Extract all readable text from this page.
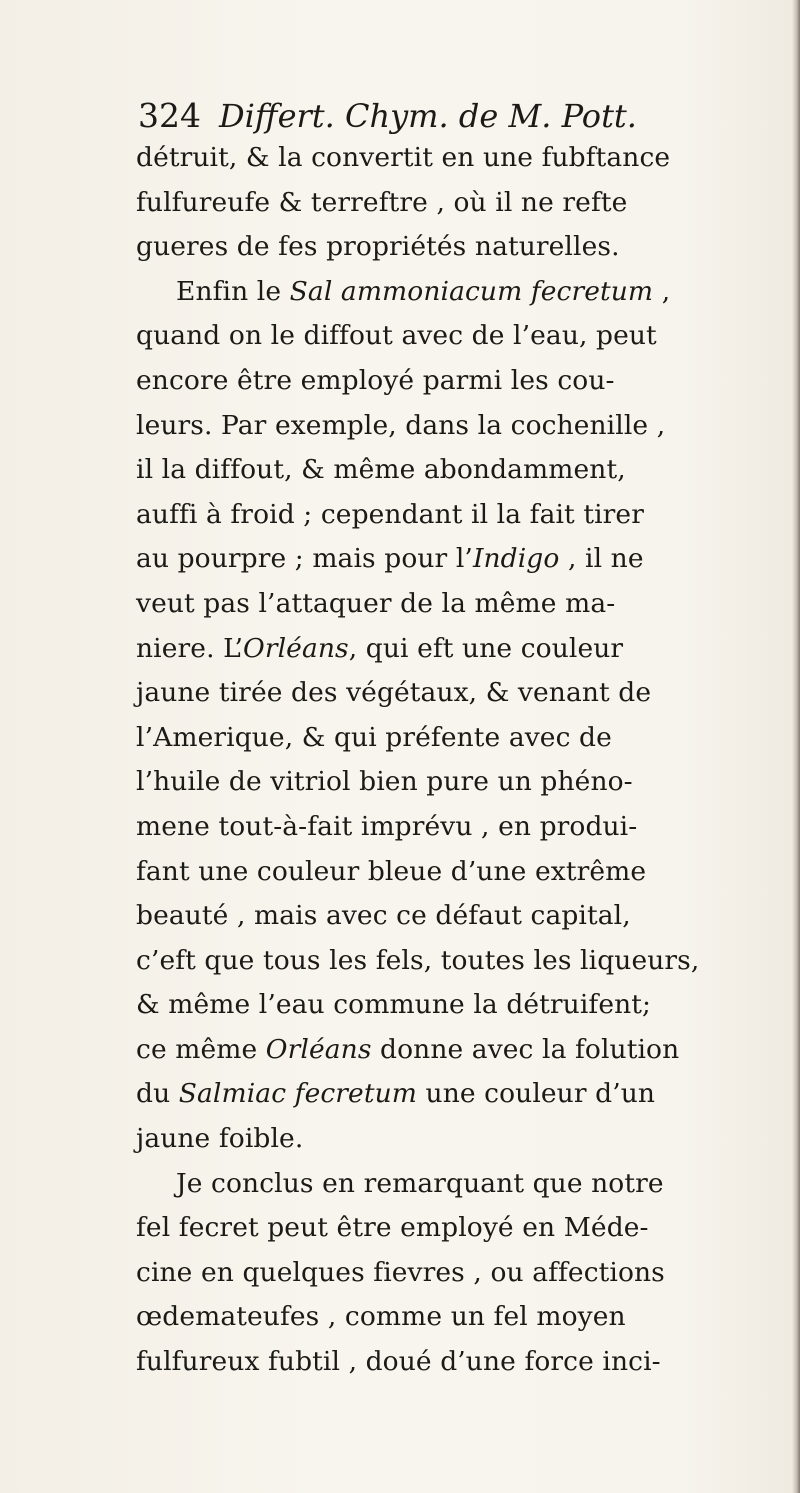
324 Differt. Chym. de M. Pott.
détruit, & la convertit en une fubftance
fulfureufe & terreftre , où il ne refte
gueres de fes propriétés naturelles.
Enfin le Sal ammoniacum fecretum ,
quand on le diffout avec de l’eau, peut
encore être employé parmi les cou-
leurs. Par exemple, dans la cochenille ,
il la diffout, & même abondamment,
auffi à froid ; cependant il la fait tirer
au pourpre ; mais pour l’Indigo , il ne
veut pas l’attaquer de la même ma-
niere. L’Orléans, qui eft une couleur
jaune tirée des végétaux, & venant de
l’Amerique, & qui préfente avec de
l’huile de vitriol bien pure un phéno-
mene tout-à-fait imprévu , en produi-
fant une couleur bleue d’une extrême
beauté , mais avec ce défaut capital,
c’eft que tous les fels, toutes les liqueurs,
& même l’eau commune la détruifent;
ce même Orléans donne avec la folution
du Salmiac fecretum une couleur d’un
jaune foible.
Je conclus en remarquant que notre
fel fecret peut être employé en Méde-
cine en quelques fievres , ou affections
œdemateufes , comme un fel moyen
fulfureux fubtil , doué d’une force inci-
